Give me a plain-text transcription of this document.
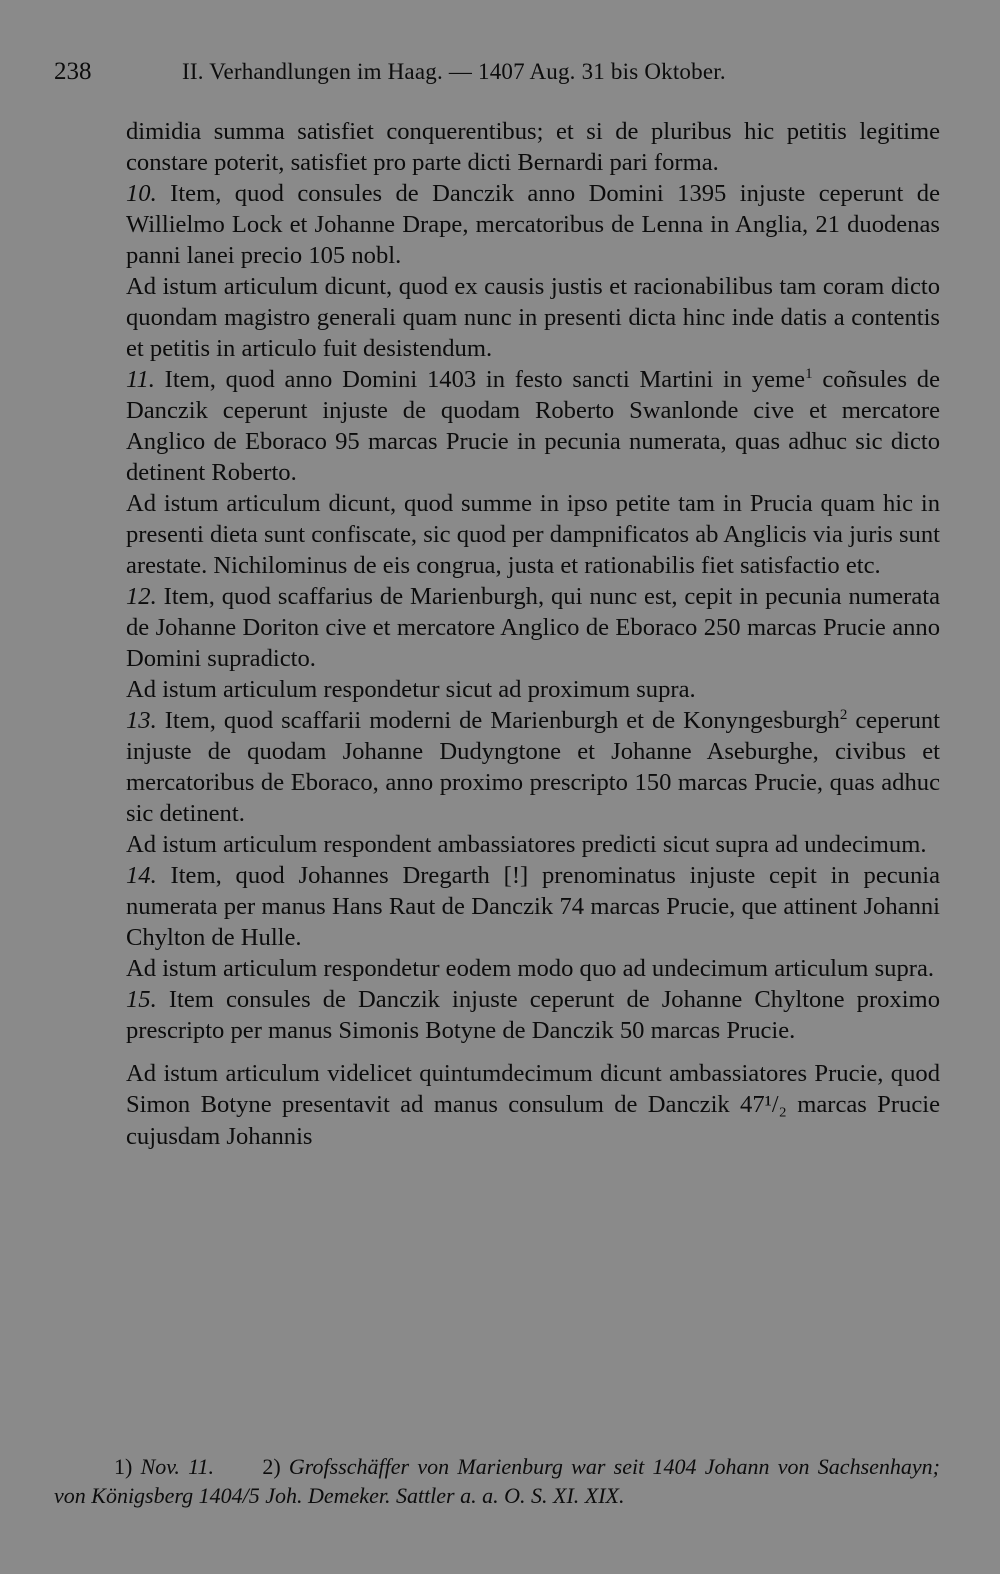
238	II. Verhandlungen im Haag. — 1407 Aug. 31 bis Oktober.

dimidia summa satisfiet conquerentibus; et si de pluribus hic petitis legitime constare poterit, satisfiet pro parte dicti Bernardi pari forma.

10. Item, quod consules de Danczik anno Domini 1395 injuste ceperunt de Willielmo Lock et Johanne Drape, mercatoribus de Lenna in Anglia, 21 duodenas panni lanei precio 105 nobl.

Ad istum articulum dicunt, quod ex causis justis et racionabilibus tam coram dicto quondam magistro generali quam nunc in presenti dicta hinc inde datis a contentis et petitis in articulo fuit desistendum.

11. Item, quod anno Domini 1403 in festo sancti Martini in yeme$^1$ coñsules de Danczik ceperunt injuste de quodam Roberto Swanlonde cive et mercatore Anglico de Eboraco 95 marcas Prucie in pecunia numerata, quas adhuc sic dicto detinent Roberto.

Ad istum articulum dicunt, quod summe in ipso petite tam in Prucia quam hic in presenti dieta sunt confiscate, sic quod per dampnificatos ab Anglicis via juris sunt arestate. Nichilominus de eis congrua, justa et rationabilis fiet satisfactio etc.

12. Item, quod scaffarius de Marienburgh, qui nunc est, cepit in pecunia numerata de Johanne Doriton cive et mercatore Anglico de Eboraco 250 marcas Prucie anno Domini supradicto.

Ad istum articulum respondetur sicut ad proximum supra.

13. Item, quod scaffarii moderni de Marienburgh et de Konyngesburgh$^2$ ceperunt injuste de quodam Johanne Dudyngtone et Johanne Aseburghe, civibus et mercatoribus de Eboraco, anno proximo prescripto 150 marcas Prucie, quas adhuc sic detinent.

Ad istum articulum respondent ambassiatores predicti sicut supra ad undecimum.

14. Item, quod Johannes Dregarth [!] prenominatus injuste cepit in pecunia numerata per manus Hans Raut de Danczik 74 marcas Prucie, que attinent Johanni Chylton de Hulle.

Ad istum articulum respondetur eodem modo quo ad undecimum articulum supra.

15. Item consules de Danczik injuste ceperunt de Johanne Chyltone proximo prescripto per manus Simonis Botyne de Danczik 50 marcas Prucie.

Ad istum articulum videlicet quintumdecimum dicunt ambassiatores Prucie, quod Simon Botyne presentavit ad manus consulum de Danczik 47¹/₂ marcas Prucie cujusdam Johannis

1) Nov. 11. 2) Grofsschäffer von Marienburg war seit 1404 Johann von Sachsenhayn; von Königsberg 1404/5 Joh. Demeker. Sattler a. a. O. S. XI. XIX.
